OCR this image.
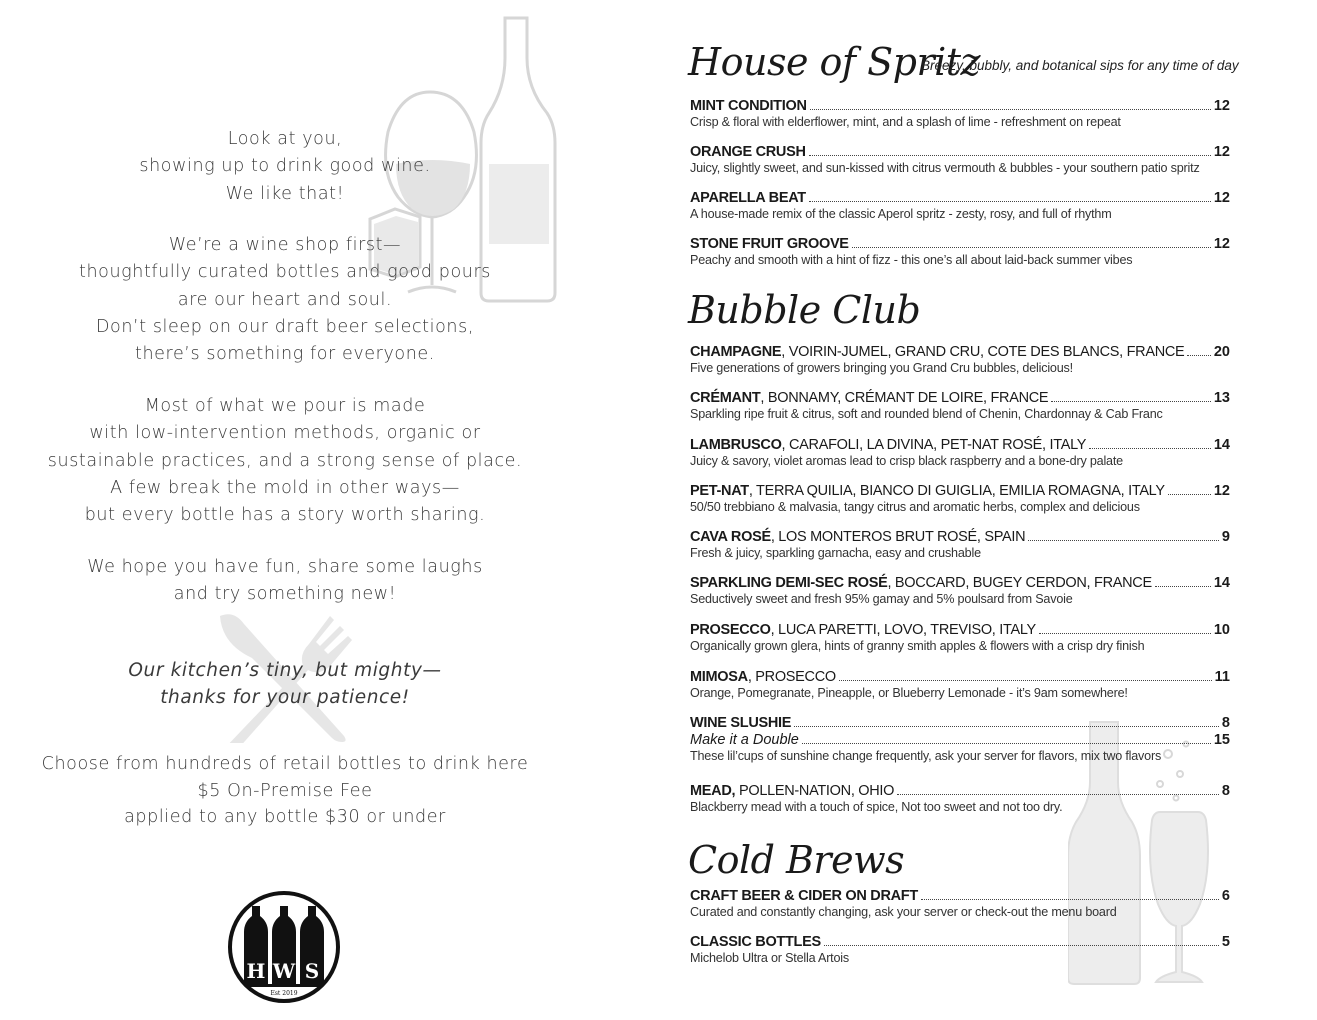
Look at you,
showing up to drink good wine.
We like that!
We’re a wine shop first—
thoughtfully curated bottles and good pours
are our heart and soul.
Don’t sleep on our draft beer selections,
there’s something for everyone.
Most of what we pour is made
with low-intervention methods, organic or
sustainable practices, and a strong sense of place.
A few break the mold in other ways—
but every bottle has a story worth sharing.
We hope you have fun, share some laughs
and try something new!
Our kitchen’s tiny, but mighty—
thanks for your patience!
Choose from hundreds of retail bottles to drink here
$5 On-Premise Fee
applied to any bottle $30 or under
H W S
Est 2019
House of Spritz
Breezy, bubbly, and botanical sips for any time of day
MINT CONDITION	12
Crisp & floral with elderflower, mint, and a splash of lime - refreshment on repeat
ORANGE CRUSH	12
Juicy, slightly sweet, and sun-kissed with citrus vermouth & bubbles - your southern patio spritz
APARELLA BEAT	12
A house-made remix of the classic Aperol spritz - zesty, rosy, and full of rhythm
STONE FRUIT GROOVE	12
Peachy and smooth with a hint of fizz - this one’s all about laid-back summer vibes
Bubble Club
CHAMPAGNE , VOIRIN-JUMEL, GRAND CRU, COTE DES BLANCS, FRANCE 20
Five generations of growers bringing you Grand Cru bubbles, delicious!
CRÉMANT , BONNAMY, CRÉMANT DE LOIRE, FRANCE	13
Sparkling ripe fruit & citrus, soft and rounded blend of Chenin, Chardonnay & Cab Franc
LAMBRUSCO , CARAFOLI, LA DIVINA, PET-NAT ROSÉ, ITALY	14
Juicy & savory, violet aromas lead to crisp black raspberry and a bone-dry palate
PET-NAT , TERRA QUILIA, BIANCO DI GUIGLIA, EMILIA ROMAGNA, ITALY	12
50/50 trebbiano & malvasia, tangy citrus and aromatic herbs, complex and delicious
CAVA ROSÉ , LOS MONTEROS BRUT ROSÉ, SPAIN	9
Fresh & juicy, sparkling garnacha, easy and crushable
SPARKLING DEMI-SEC ROSÉ , BOCCARD, BUGEY CERDON, FRANCE	14
Seductively sweet and fresh 95% gamay and 5% poulsard from Savoie
PROSECCO , LUCA PARETTI, LOVO, TREVISO, ITALY	10
Organically grown glera, hints of granny smith apples & flowers with a crisp dry finish
MIMOSA , PROSECCO	11
Orange, Pomegranate, Pineapple, or Blueberry Lemonade - it’s 9am somewhere!
WINE SLUSHIE	8
Make it a Double	15
These lil’cups of sunshine change frequently, ask your server for flavors, mix two flavors
MEAD, POLLEN-NATION, OHIO	8
Blackberry mead with a touch of spice, Not too sweet and not too dry.
Cold Brews
CRAFT BEER & CIDER ON DRAFT	6
Curated and constantly changing, ask your server or check-out the menu board
CLASSIC BOTTLES	5
Michelob Ultra or Stella Artois
